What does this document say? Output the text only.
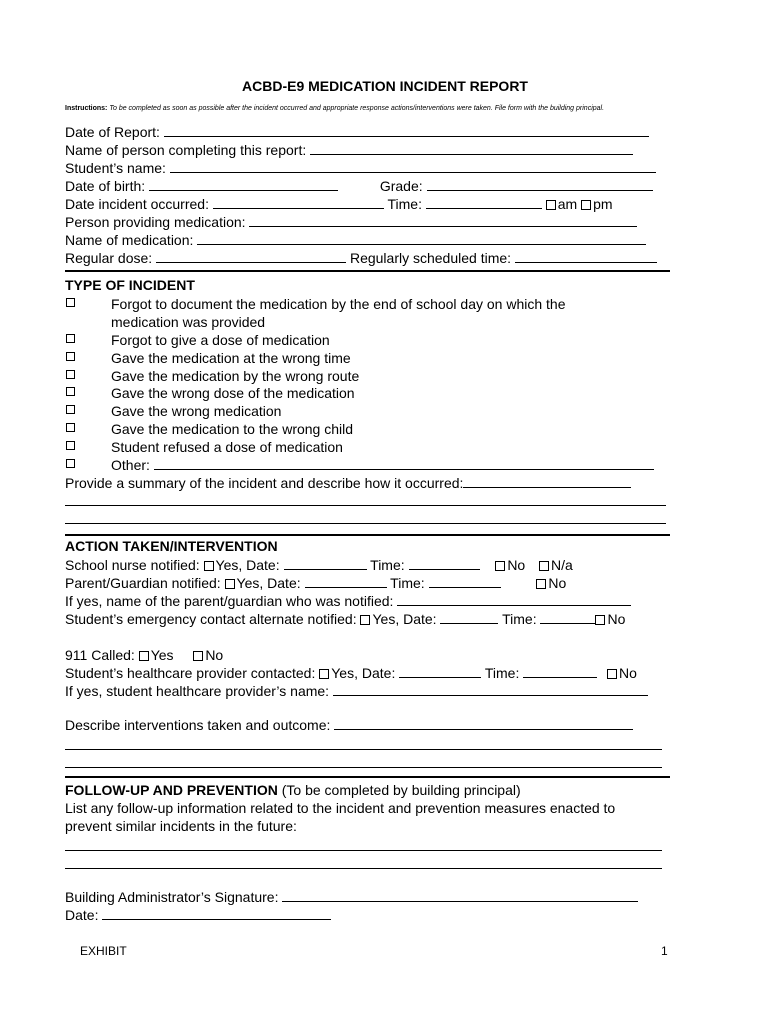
ACBD-E9 MEDICATION INCIDENT REPORT
Instructions: To be completed as soon as possible after the incident occurred and appropriate response actions/interventions were taken. File form with the building principal.
Date of Report:
Name of person completing this report:
Student’s name:
Date of birth:	Grade:
Date incident occurred:	Time:	am pm
Person providing medication:
Name of medication:
Regular dose:	Regularly scheduled time:
TYPE OF INCIDENT
Forgot to document the medication by the end of school day on which the
medication was provided
Forgot to give a dose of medication
Gave the medication at the wrong time
Gave the medication by the wrong route
Gave the wrong dose of the medication
Gave the wrong medication
Gave the medication to the wrong child
Student refused a dose of medication
Other:
Provide a summary of the incident and describe how it occurred:
ACTION TAKEN/INTERVENTION
School nurse notified: Yes, Date:	Time:	No N/a
Parent/Guardian notified: Yes, Date:	Time:	No
If yes, name of the parent/guardian who was notified:
Student’s emergency contact alternate notified: Yes, Date:	Time:	No
911 Called: Yes No
Student’s healthcare provider contacted: Yes, Date:	Time:	No
If yes, student healthcare provider’s name:
Describe interventions taken and outcome:
FOLLOW-UP AND PREVENTION (To be completed by building principal)
List any follow-up information related to the incident and prevention measures enacted to
prevent similar incidents in the future:
Building Administrator’s Signature:
Date:
EXHIBIT	1
